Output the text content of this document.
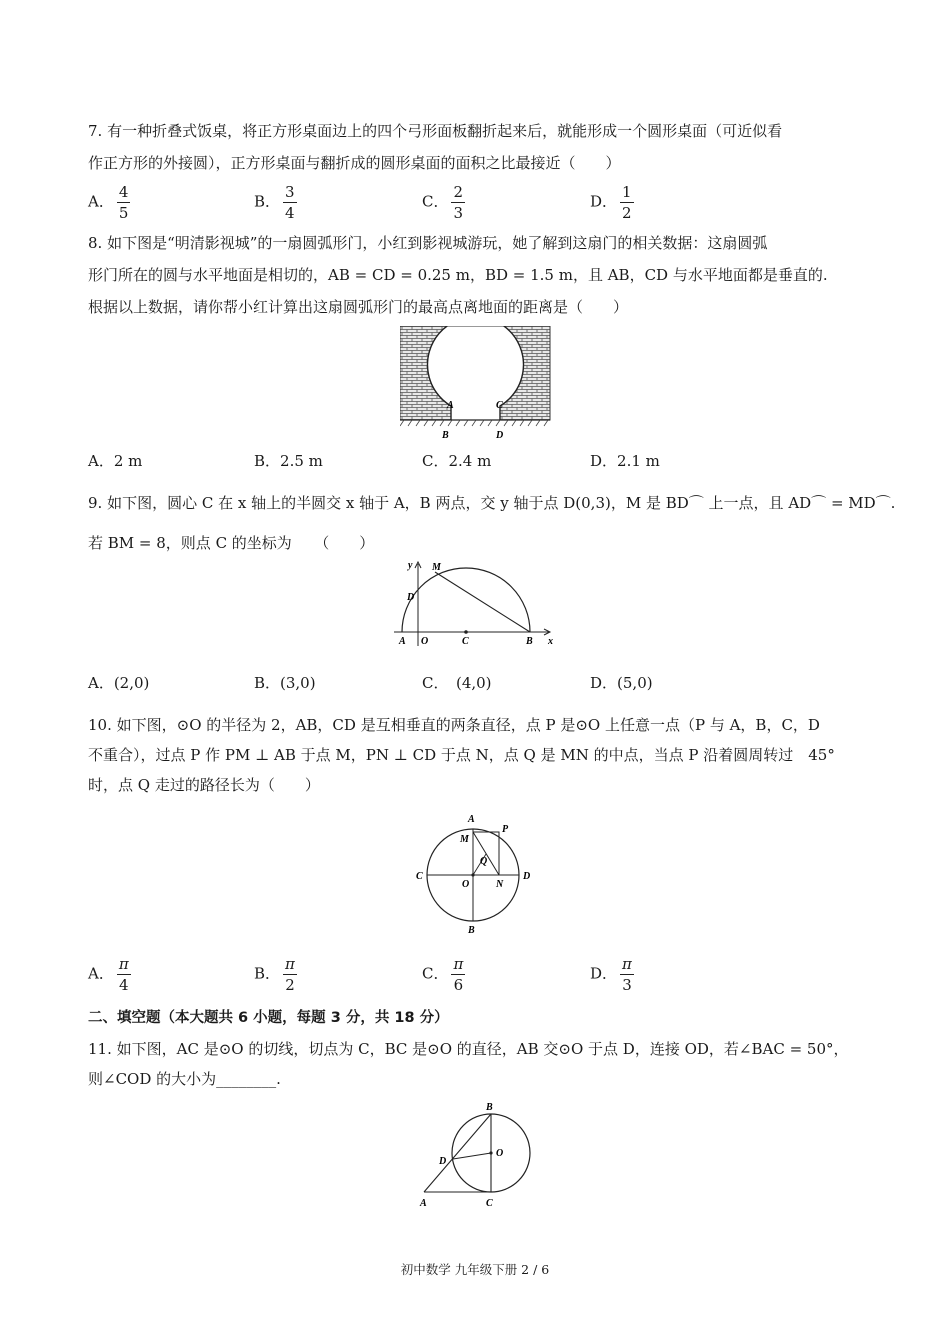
7. 有一种折叠式饭桌，将正方形桌面边上的四个弓形面板翻折起来后，就能形成一个圆形桌面（可近似看
作正方形的外接圆），正方形桌面与翻折成的圆形桌面的面积之比最接近（　　）
A． $\frac{4}{5}$	B． $\frac{3}{4}$	C． $\frac{2}{3}$	D． $\frac{1}{2}$
8. 如下图是“明清影视城”的一扇圆弧形门，小红到影视城游玩，她了解到这扇门的相关数据：这扇圆弧
形门所在的圆与水平地面是相切的，AB = CD = 0.25 m，BD = 1.5 m，且 AB，CD 与水平地面都是垂直的.
根据以上数据，请你帮小红计算出这扇圆弧形门的最高点离地面的距离是（　　）
A	C
B	D
A．2 m	B．2.5 m	C．2.4 m	D．2.1 m
9. 如下图，圆心 C 在 x 轴上的半圆交 x 轴于 A，B 两点，交 y 轴于点 D(0,3)，M 是 BD⌒ 上一点，且 AD⌒ = MD⌒.
若 BM = 8，则点 C 的坐标为　　（　　）
y M
D
A O	C	B x
A．(2,0)	B．(3,0)	C．　(4,0)	D．(5,0)
10. 如下图，⊙O 的半径为 2，AB，CD 是互相垂直的两条直径，点 P 是⊙O 上任意一点（P 与 A，B，C，D
不重合），过点 P 作 PM ⊥ AB 于点 M，PN ⊥ CD 于点 N，点 Q 是 MN 的中点，当点 P 沿着圆周转过　45°
时，点 Q 走过的路径长为（　　）
A
M
P
Q
C
O	N
D
B
A． $\frac{\pi}{4}$	B． $\frac{\pi}{2}$	C． $\frac{\pi}{6}$	D． $\frac{\pi}{3}$
二、填空题（本大题共 6 小题，每题 3 分，共 18 分）
11. 如下图，AC 是⊙O 的切线，切点为 C，BC 是⊙O 的直径，AB 交⊙O 于点 D，连接 OD，若∠BAC = 50°，
则∠COD 的大小为________.
B
D
O
A	C
初中数学 九年级下册 2 / 6
